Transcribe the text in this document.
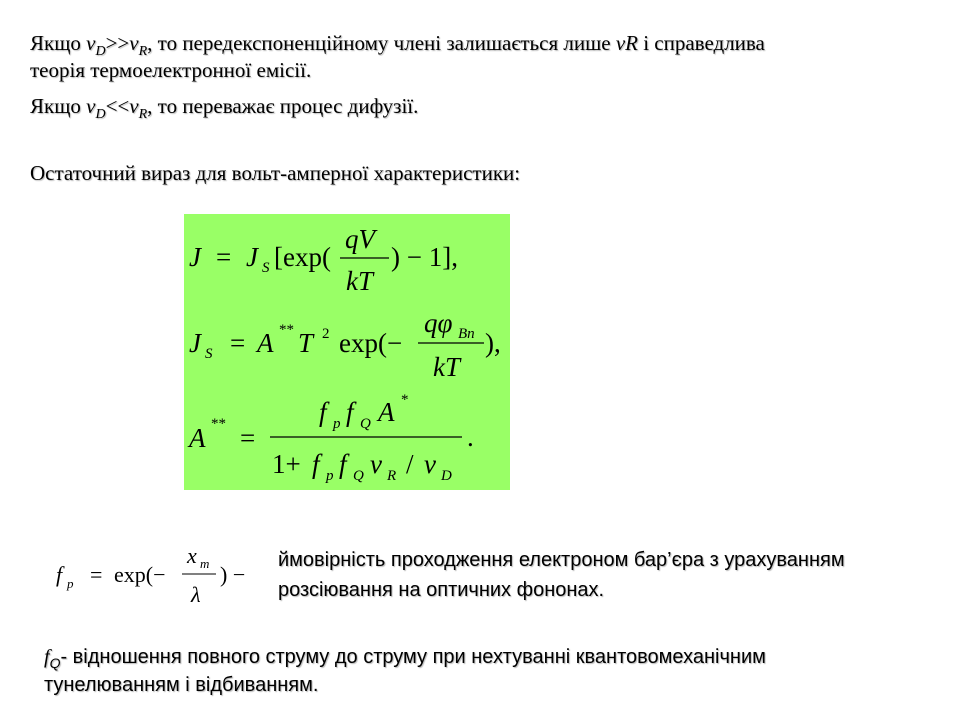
Якщо $v_D>>v_R$, то передекспоненційному члені залишається лише vR і справедлива
теорія термоелектронної емісії.
Якщо $v_D<<v_R$, то переважає процес дифузії.
Остаточний вираз для вольт-амперної характеристики:
J = J S [exp(
qV
kT
) − 1],
J S = A ** T 2 exp(−
qφ Bn
kT
),
A ** =
f p f Q A *
1+ f p f Q v R / v D
.
f p = exp(−
x m
λ
) −
ймовірність проходження електроном бар’єра з урахуванням
розсіювання на оптичних фононах.
$f_Q-$ відношення повного струму до струму при нехтуванні квантовомеханічним
тунелюванням і відбиванням.
